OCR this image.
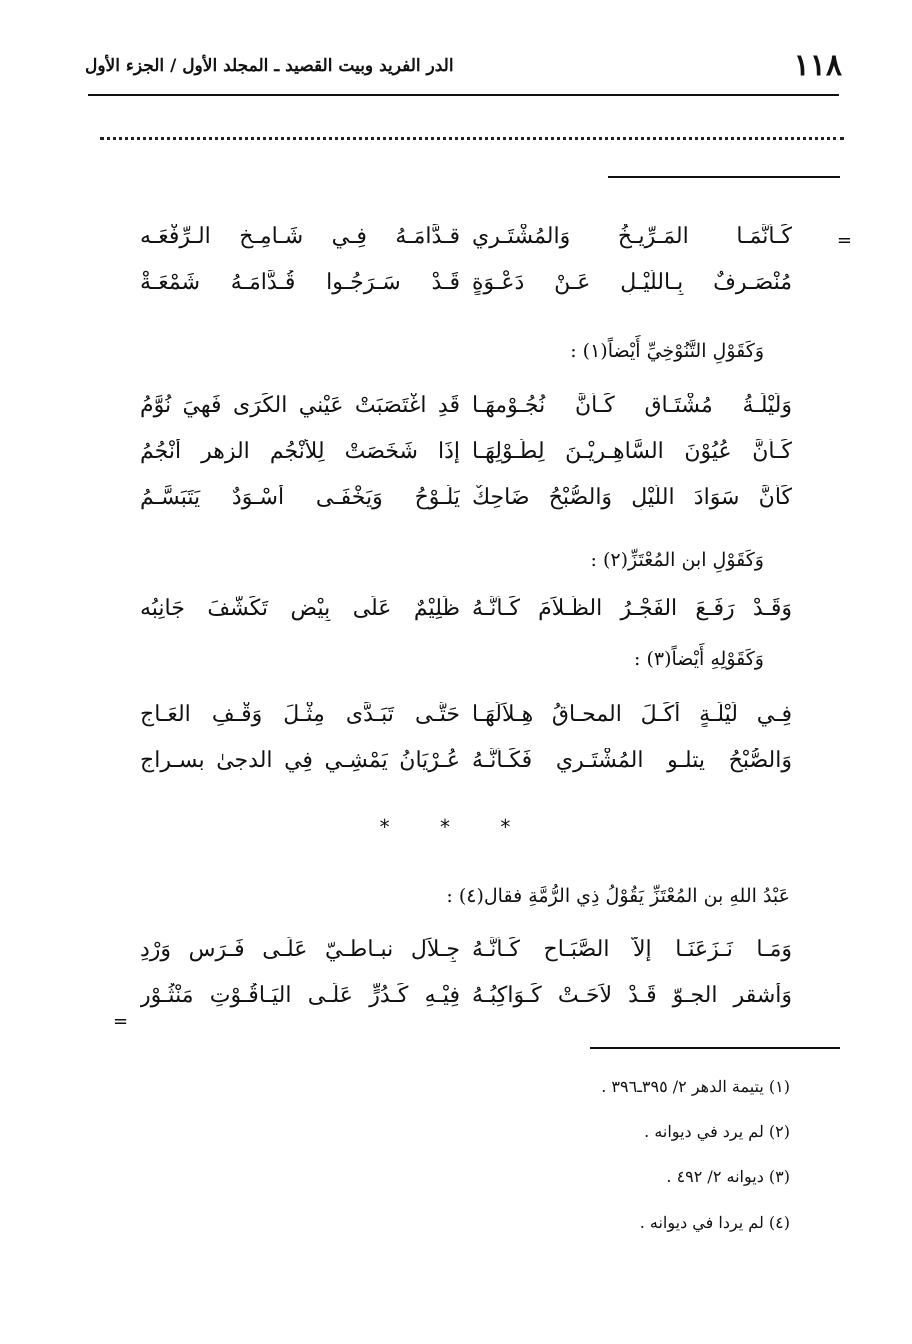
١١٨
الدر الفريد وبيت القصيد ـ المجلد الأول / الجزء الأول
=
كَـأَنَّمَـا المَـرِّيـخُ وَالمُشْتَـرِي
قـدَّامَـهُ فِـي شَـامِـخِ الـرِّفْعَـه
مُنْصَـرِفٌ بِـاللَّيْـلِ عَـنْ دَعْـوَةٍ
قَـدْ سَـرَجُـوا قُـدَّامَـهُ شَمْعَـةْ
وَكَقَوْلِ التَّنُوْخِيِّ أَيْضاً(١) :
وَلَيْلَـةُ مُشْتَـاقٍ كَـأَنَّ نُجُـوْمهَـا
قَدِ اغْتَصَبَتْ عَيْني الكَرَى فَهيَ نُوَّمُ
كَـأَنَّ عُيُوْنَ السَّاهِـرِيْـنَ لِطُـوْلِهَـا
إِذَا شَخَصَتْ لِلأَنْجُمِ الزهر أَنْجُمُ
كَأَنَّ سَوَادَ اللَّيْلِ وَالصُّبْحُ ضَاحِكٌ
يَلُـوْحُ وَيَخْفَـى أَسْـوَدٌ يَتَبَسَّـمُ
وَكَقَوْلِ ابن المُعْتَزِّ(٢) :
وَقَـدْ رَفَـعَ الفَجْـرُ الظَّـلاَمَ كَـأَنَّـهُ
ظَلِيْمٌ عَلَى بِيْضٍ تَكَشَّفَ جَانِبُه
وَكَقَوْلِهِ أَيْضاً(٣) :
فِـي لَيْلَـةٍ أَكَـلَ المحـاقُ هِـلاَلَهَـا
حَتَّـى تَبَـدَّى مِثْـلَ وَقْـفِ العَـاجِ
وَالصُّبْحُ يتلـو المُشْتَـرِي فَكَـأَنَّـهُ
عُـرْيَانُ يَمْشِـي فِي الدجىٰ بسـراجِ
* * *
عَبْدُ اللهِ بن المُعْتَزِّ يَقُوْلُ ذِي الرُّمَّةِ فقال(٤) :
وَمَـا نَـزَعَنَـا إِلاَّ الصَّبَـاح كَـأَنَّـهُ
جِـلاَل نبـاطـيّ عَلَـى فَـرَسٍ وَرْدِ
وَأشقر الجـوّ قَـدْ لاَحَـتْ كَـوَاكِبُـهُ
فِيْـهِ كَـدُرٍّ عَلَـى اليَـاقُـوْتِ مَنْثُـوْرِ
=
(١) يتيمة الدهر ٢/ ٣٩٥ـ٣٩٦ .
(٢) لم يرد في ديوانه .
(٣) ديوانه ٢/ ٤٩٢ .
(٤) لم يردا في ديوانه .
